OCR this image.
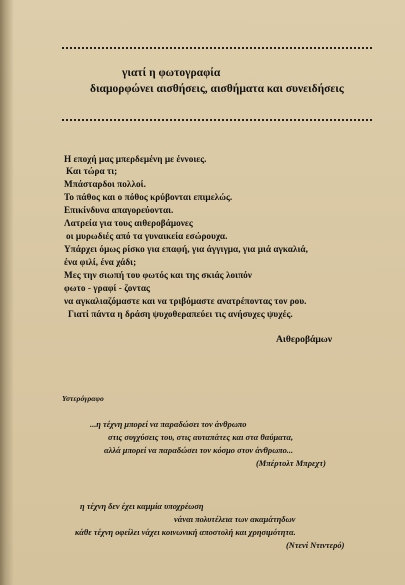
γιατί η φωτογραφία
διαμορφώνει αισθήσεις, αισθήματα και συνειδήσεις
Η εποχή μας μπερδεμένη με έννοιες.
Και τώρα τι;
Μπάσταρδοι πολλοί.
Το πάθος και ο πόθος κρύβονται επιμελώς.
Επικίνδυνα απαγορεύονται.
Λατρεία για τους αιθεροβάμονες
οι μυρωδιές από τα γυναικεία εσώρουχα.
Υπάρχει όμως ρίσκο για επαφή, για άγγιγμα, για μιά αγκαλιά,
ένα φιλί, ένα χάδι;
Μες την σιωπή του φωτός και της σκιάς λοιπόν
φωτο - γραφί - ζοντας
να αγκαλιαζόμαστε και να τριβόμαστε ανατρέποντας τον ρου.
Γιατί πάντα η δράση ψυχοθεραπεύει τις ανήσυχες ψυχές.
Αιθεροβάμων
Υστερόγραφο
...η τέχνη μπορεί να παραδώσει τον άνθρωπο
στις συγχύσεις του, στις αυταπάτες και στα θαύματα,
αλλά μπορεί να παραδώσει τον κόσμο στον άνθρωπο...
(Μπέρτολτ Μπρεχτ)
η τέχνη δεν έχει καμμία υποχρέωση
νάναι πολυτέλεια των ακαμάτηδων
κάθε τέχνη οφείλει νάχει κοινωνική αποστολή και χρησιμότητα.
(Ντενί Ντιντερό)
